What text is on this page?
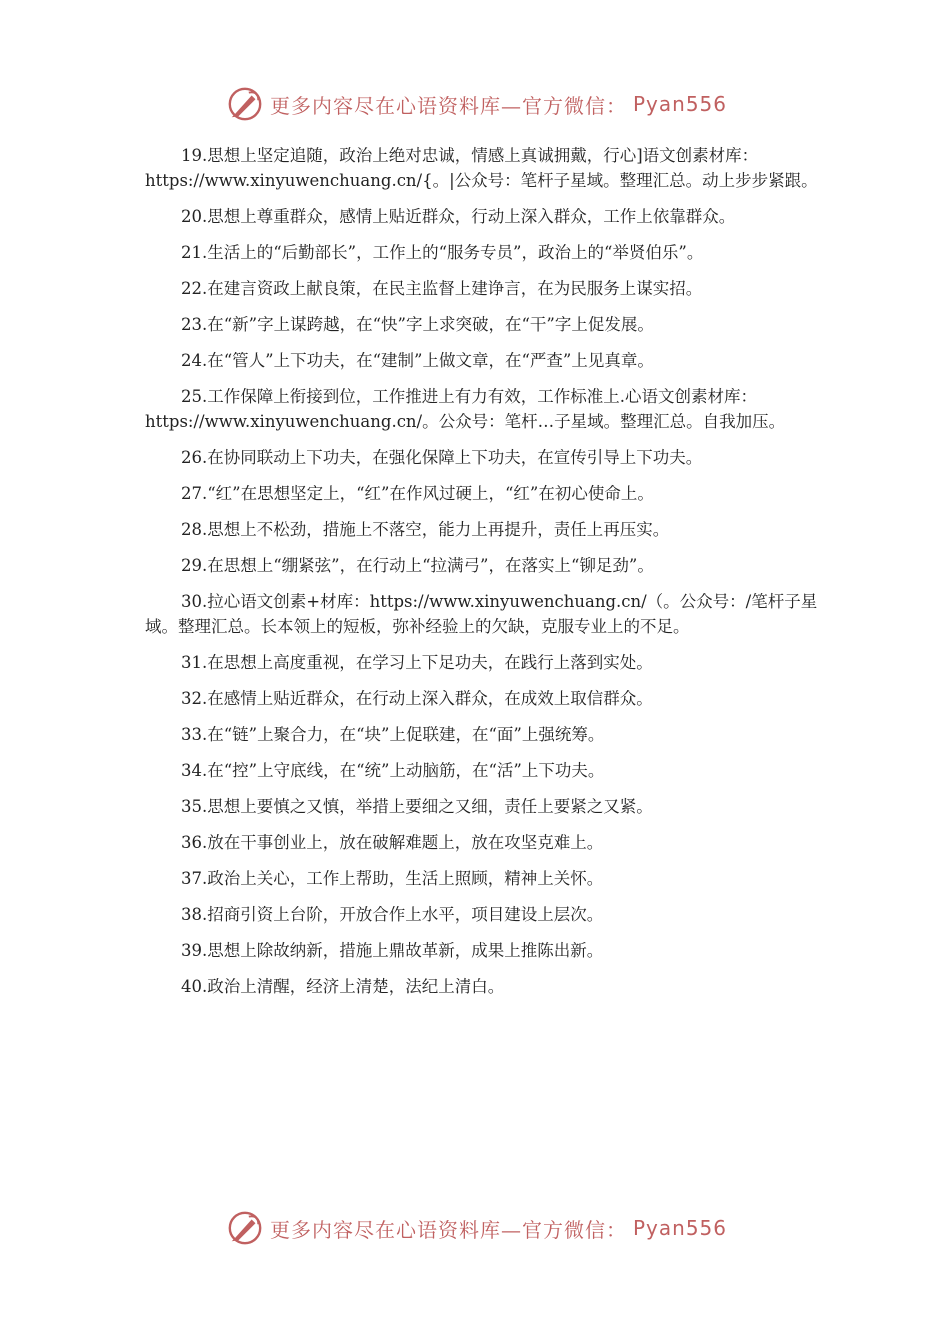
更多内容尽在心语资料库—官方微信： Pyan556

19.思想上坚定追随，政治上绝对忠诚，情感上真诚拥戴，行心]语文创素材库：https://www.xinyuwenchuang.cn/{。|公众号：笔杆子星域。整理汇总。动上步步紧跟。

20.思想上尊重群众，感情上贴近群众，行动上深入群众，工作上依靠群众。

21.生活上的“后勤部长”，工作上的“服务专员”，政治上的“举贤伯乐”。

22.在建言资政上献良策，在民主监督上建诤言，在为民服务上谋实招。

23.在“新”字上谋跨越，在“快”字上求突破，在“干”字上促发展。

24.在“管人”上下功夫，在“建制”上做文章，在“严查”上见真章。

25.工作保障上衔接到位，工作推进上有力有效，工作标准上.心语文创素材库：https://www.xinyuwenchuang.cn/。公众号：笔杆…子星域。整理汇总。自我加压。

26.在协同联动上下功夫，在强化保障上下功夫，在宣传引导上下功夫。

27.“红”在思想坚定上，“红”在作风过硬上，“红”在初心使命上。

28.思想上不松劲，措施上不落空，能力上再提升，责任上再压实。

29.在思想上“绷紧弦”，在行动上“拉满弓”，在落实上“铆足劲”。

30.拉心语文创素+材库：https://www.xinyuwenchuang.cn/（。公众号：/笔杆子星域。整理汇总。长本领上的短板，弥补经验上的欠缺，克服专业上的不足。

31.在思想上高度重视，在学习上下足功夫，在践行上落到实处。

32.在感情上贴近群众，在行动上深入群众，在成效上取信群众。

33.在“链”上聚合力，在“块”上促联建，在“面”上强统筹。

34.在“控”上守底线，在“统”上动脑筋，在“活”上下功夫。

35.思想上要慎之又慎，举措上要细之又细，责任上要紧之又紧。

36.放在干事创业上，放在破解难题上，放在攻坚克难上。

37.政治上关心，工作上帮助，生活上照顾，精神上关怀。

38.招商引资上台阶，开放合作上水平，项目建设上层次。

39.思想上除故纳新，措施上鼎故革新，成果上推陈出新。

40.政治上清醒，经济上清楚，法纪上清白。

更多内容尽在心语资料库—官方微信： Pyan556
